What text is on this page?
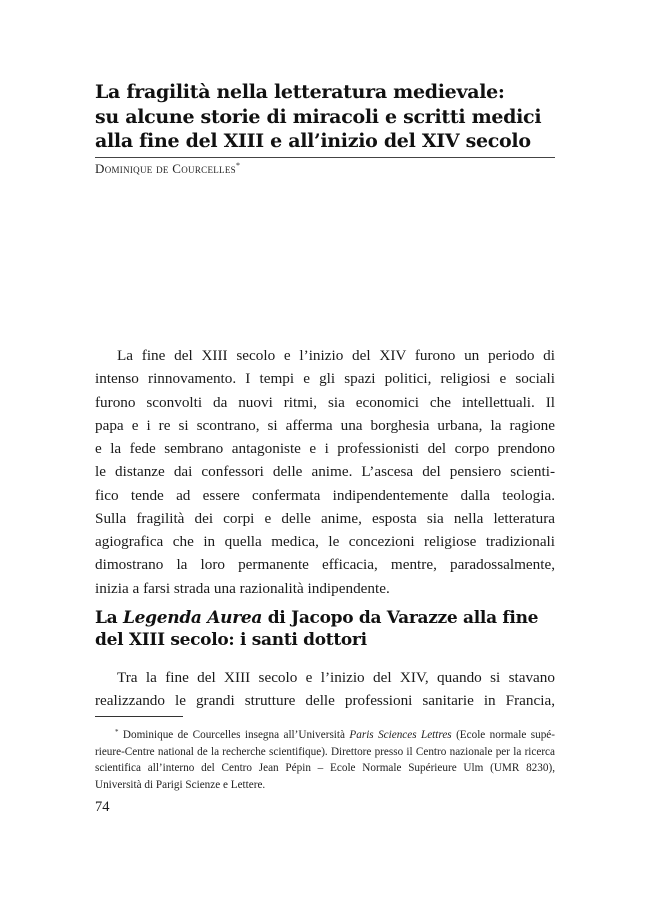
La fragilità nella letteratura medievale:
su alcune storie di miracoli e scritti medici
alla fine del XIII e all’inizio del XIV secolo
Dominique de Courcelles*

La fine del XIII secolo e l’inizio del XIV furono un periodo di

intenso rinnovamento. I tempi e gli spazi politici, religiosi e sociali

furono sconvolti da nuovi ritmi, sia economici che intellettuali. Il

papa e i re si scontrano, si afferma una borghesia urbana, la ragione

e la fede sembrano antagoniste e i professionisti del corpo prendono

le distanze dai confessori delle anime. L’ascesa del pensiero scienti-

fico tende ad essere confermata indipendentemente dalla teologia.

Sulla fragilità dei corpi e delle anime, esposta sia nella letteratura

agiografica che in quella medica, le concezioni religiose tradizionali

dimostrano la loro permanente efficacia, mentre, paradossalmente,

inizia a farsi strada una razionalità indipendente.

La Legenda Aurea di Jacopo da Varazze alla fine
del XIII secolo: i santi dottori
Tra la fine del XIII secolo e l’inizio del XIV, quando si stavano realizzando le grandi strutture delle professioni sanitarie in Francia,

* Dominique de Courcelles insegna all’Università Paris Sciences Lettres (Ecole normale supérieure-Centre national de la recherche scientifique). Direttore presso il Centro nazionale per la ricerca scientifica all’interno del Centro Jean Pépin – Ecole Normale Supérieure Ulm (UMR 8230), Università di Parigi Scienze e Lettere.

74
